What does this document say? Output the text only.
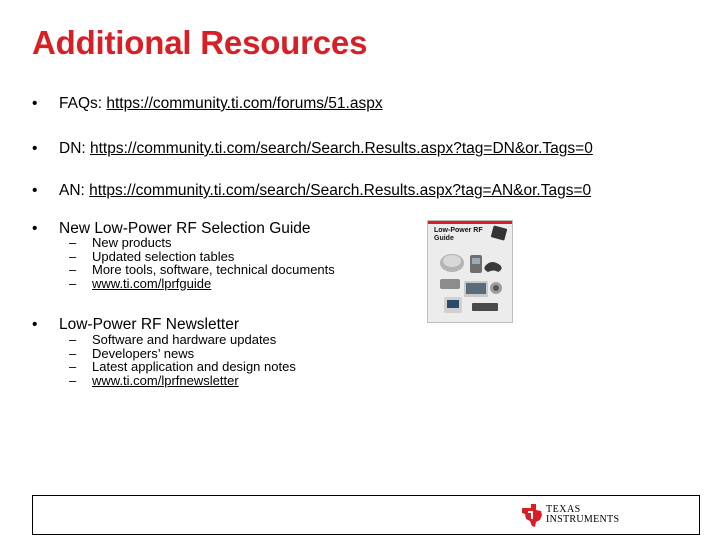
Additional Resources
•	FAQs: https://community.ti.com/forums/51.aspx
•	DN: https://community.ti.com/search/Search.Results.aspx?tag=DN&or.Tags=0
•	AN: https://community.ti.com/search/Search.Results.aspx?tag=AN&or.Tags=0
•	New Low-Power RF Selection Guide
–	New products
–	Updated selection tables
–	More tools, software, technical documents
–	www.ti.com/lprfguide
•	Low-Power RF Newsletter
–	Software and hardware updates
–	Developers’ news
–	Latest application and design notes
–	www.ti.com/lprfnewsletter
Low-Power RF
Guide
TEXAS
INSTRUMENTS
